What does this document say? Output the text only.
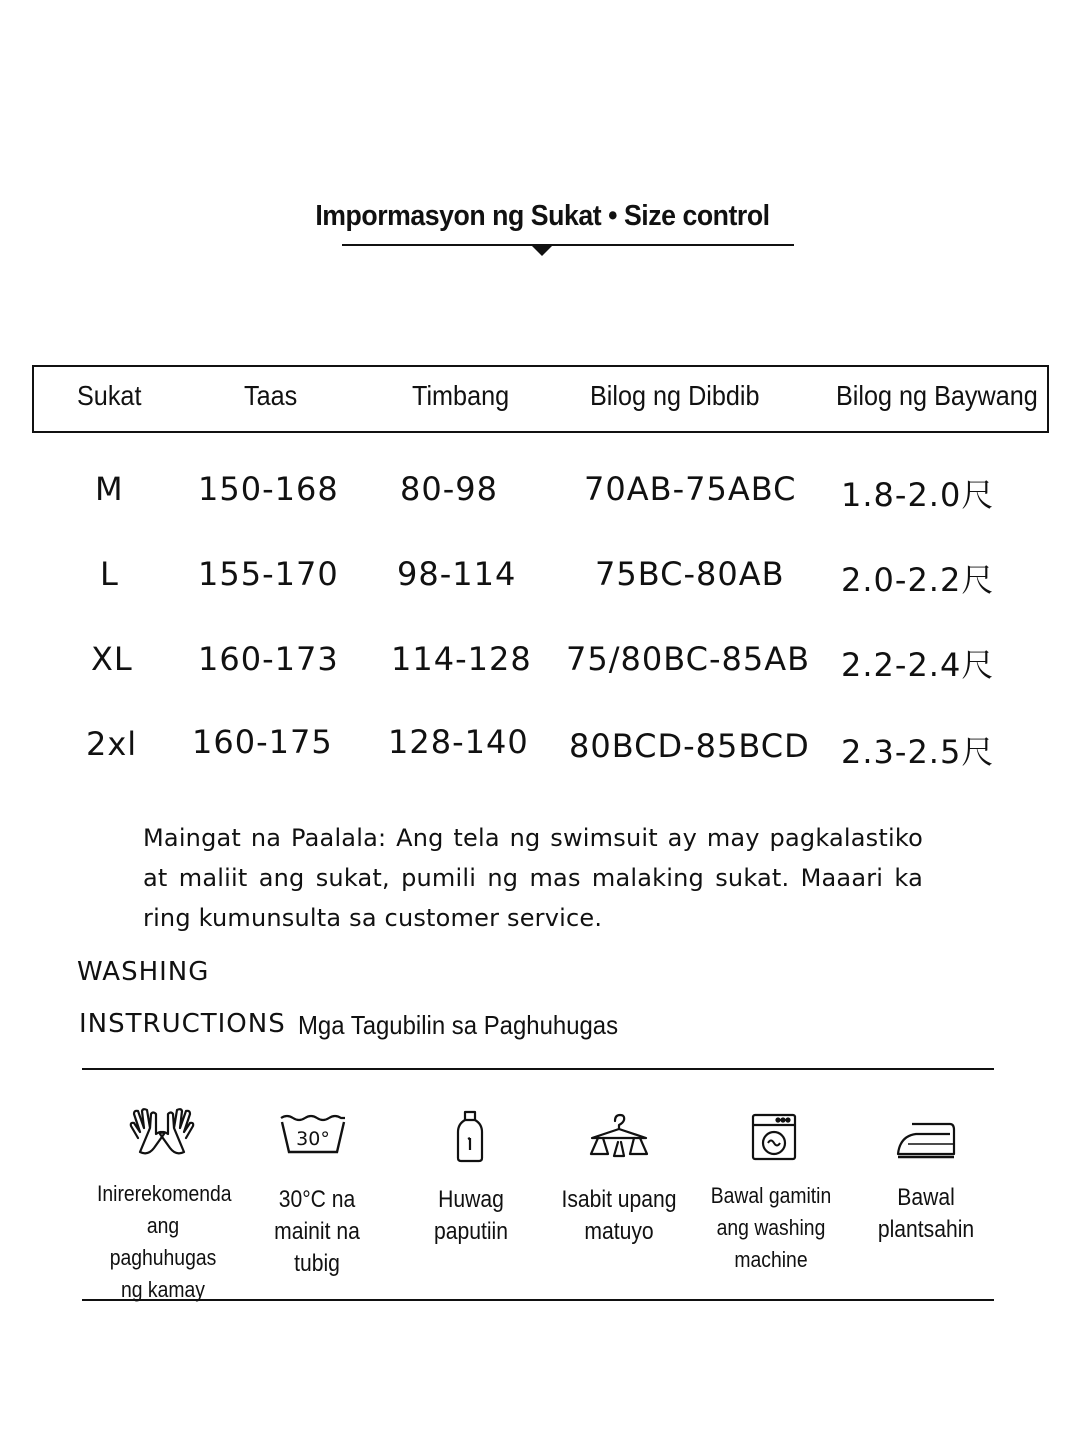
Impormasyon ng Sukat • Size control
Sukat	Taas	Timbang	Bilog ng Dibdib	Bilog ng Baywang
M 150-168 80-98	70AB-75ABC 1.8-2.0尺
L 155-170 98-114 75BC-80AB 2.0-2.2尺
XL 160-173 114-128 75/80BC-85AB 2.2-2.4尺
2xl 160-175 128-140 80BCD-85BCD 2.3-2.5尺
Maingat na Paalala: Ang tela ng swimsuit ay may pagkalastiko at maliit ang sukat, pumili ng mas malaking sukat. Maaari ka ring kumunsulta sa customer service.
WASHING
INSTRUCTIONS Mga Tagubilin sa Paghuhugas
30°
Inirerekomenda ang paghuhugas ng kamay
30°C na mainit na tubig
Huwag paputiin
Isabit upang matuyo
Bawal gamitin ang washing machine
Bawal plantsahin
